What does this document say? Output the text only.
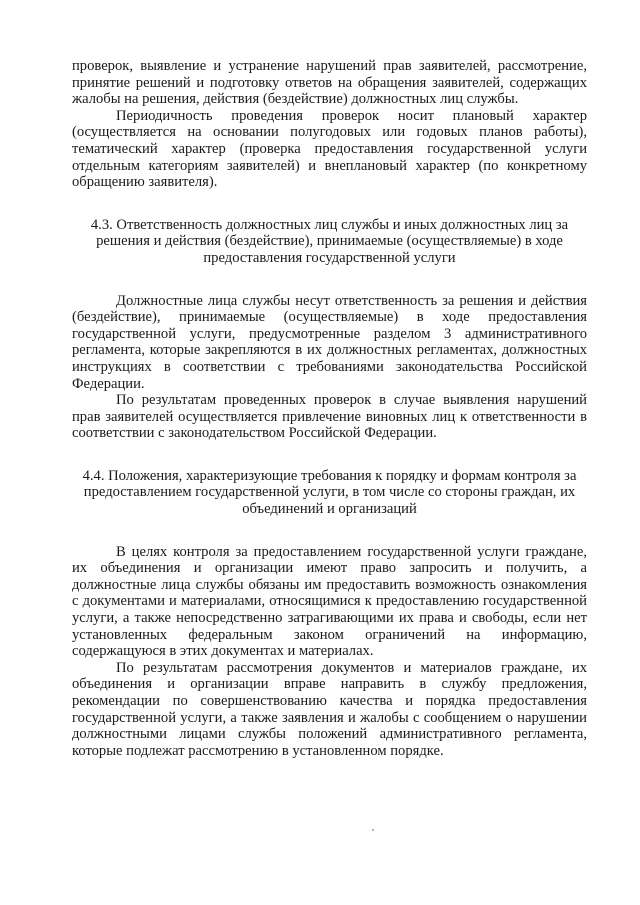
проверок, выявление и устранение нарушений прав заявителей, рассмотрение, принятие решений и подготовку ответов на обращения заявителей, содержащих жалобы на решения, действия (бездействие) должностных лиц службы.

Периодичность проведения проверок носит плановый характер (осуществляется на основании полугодовых или годовых планов работы), тематический характер (проверка предоставления государственной услуги отдельным категориям заявителей) и внеплановый характер (по конкретному обращению заявителя).

4.3. Ответственность должностных лиц службы и иных должностных лиц за решения и действия (бездействие), принимаемые (осуществляемые) в ходе предоставления государственной услуги

Должностные лица службы несут ответственность за решения и действия (бездействие), принимаемые (осуществляемые) в ходе предоставления государственной услуги, предусмотренные разделом 3 административного регламента, которые закрепляются в их должностных регламентах, должностных инструкциях в соответствии с требованиями законодательства Российской Федерации.

По результатам проведенных проверок в случае выявления нарушений прав заявителей осуществляется привлечение виновных лиц к ответственности в соответствии с законодательством Российской Федерации.

4.4. Положения, характеризующие требования к порядку и формам контроля за предоставлением государственной услуги, в том числе со стороны граждан, их объединений и организаций

В целях контроля за предоставлением государственной услуги граждане, их объединения и организации имеют право запросить и получить, а должностные лица службы обязаны им предоставить возможность ознакомления с документами и материалами, относящимися к предоставлению государственной услуги, а также непосредственно затрагивающими их права и свободы, если нет установленных федеральным законом ограничений на информацию, содержащуюся в этих документах и материалах.

По результатам рассмотрения документов и материалов граждане, их объединения и организации вправе направить в службу предложения, рекомендации по совершенствованию качества и порядка предоставления государственной услуги, а также заявления и жалобы с сообщением о нарушении должностными лицами службы положений административного регламента, которые подлежат рассмотрению в установленном порядке.
